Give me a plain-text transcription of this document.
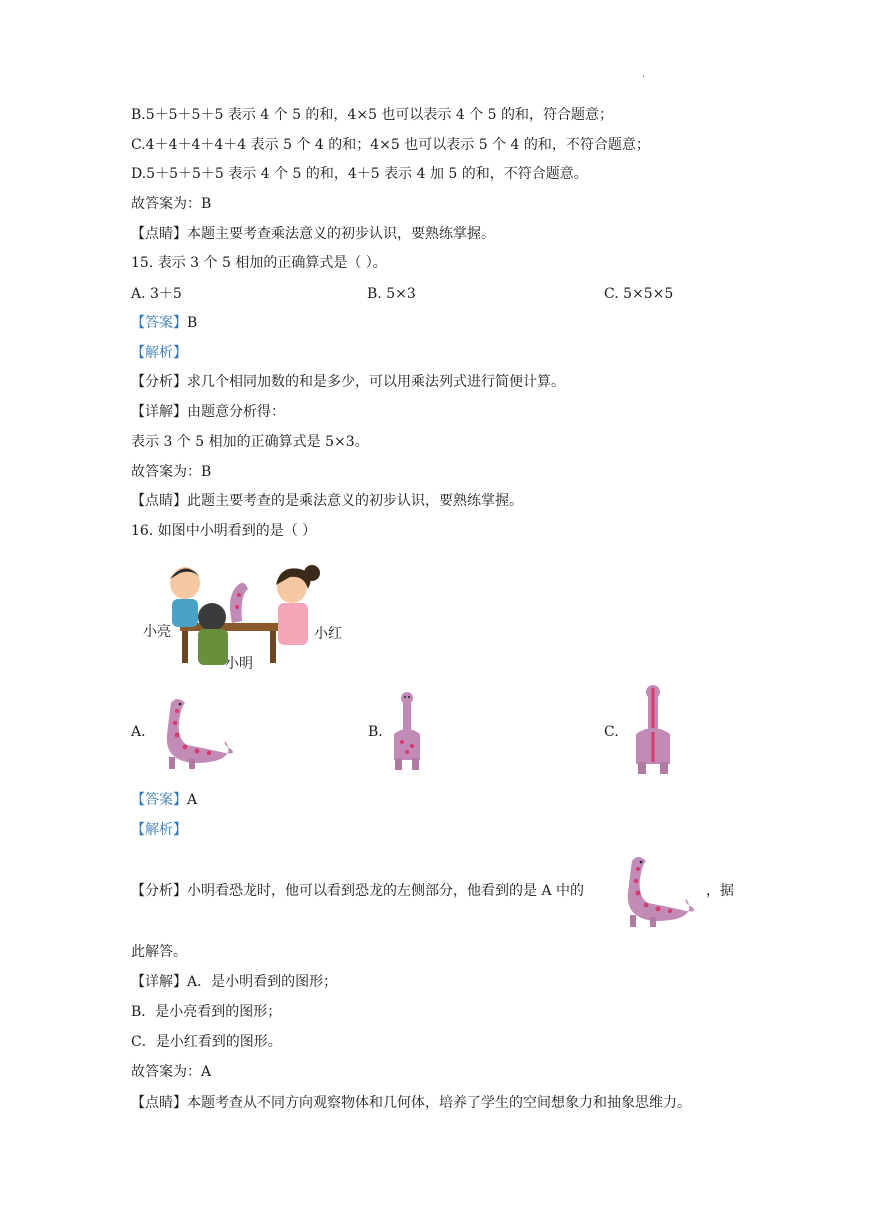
·
B.5＋5＋5＋5 表示 4 个 5 的和，4×5 也可以表示 4 个 5 的和，符合题意；
C.4＋4＋4＋4＋4 表示 5 个 4 的和；4×5 也可以表示 5 个 4 的和，不符合题意；
D.5＋5＋5＋5 表示 4 个 5 的和，4＋5 表示 4 加 5 的和，不符合题意。
故答案为：B
【点睛】本题主要考查乘法意义的初步认识，要熟练掌握。
15. 表示 3 个 5 相加的正确算式是（ ）。
A. 3＋5	B. 5×3	C. 5×5×5
【答案】B
【解析】
【分析】求几个相同加数的和是多少，可以用乘法列式进行简便计算。
【详解】由题意分析得：
表示 3 个 5 相加的正确算式是 5×3。
故答案为：B
【点睛】此题主要考查的是乘法意义的初步认识，要熟练掌握。
16. 如图中小明看到的是（ ）
小亮	小红
小明
A.	B.	C.
【答案】A
【解析】
【分析】小明看恐龙时，他可以看到恐龙的左侧部分，他看到的是 A 中的	，据
此解答。
【详解】A．是小明看到的图形；
B．是小亮看到的图形；
C．是小红看到的图形。
故答案为：A
【点睛】本题考查从不同方向观察物体和几何体，培养了学生的空间想象力和抽象思维力。
